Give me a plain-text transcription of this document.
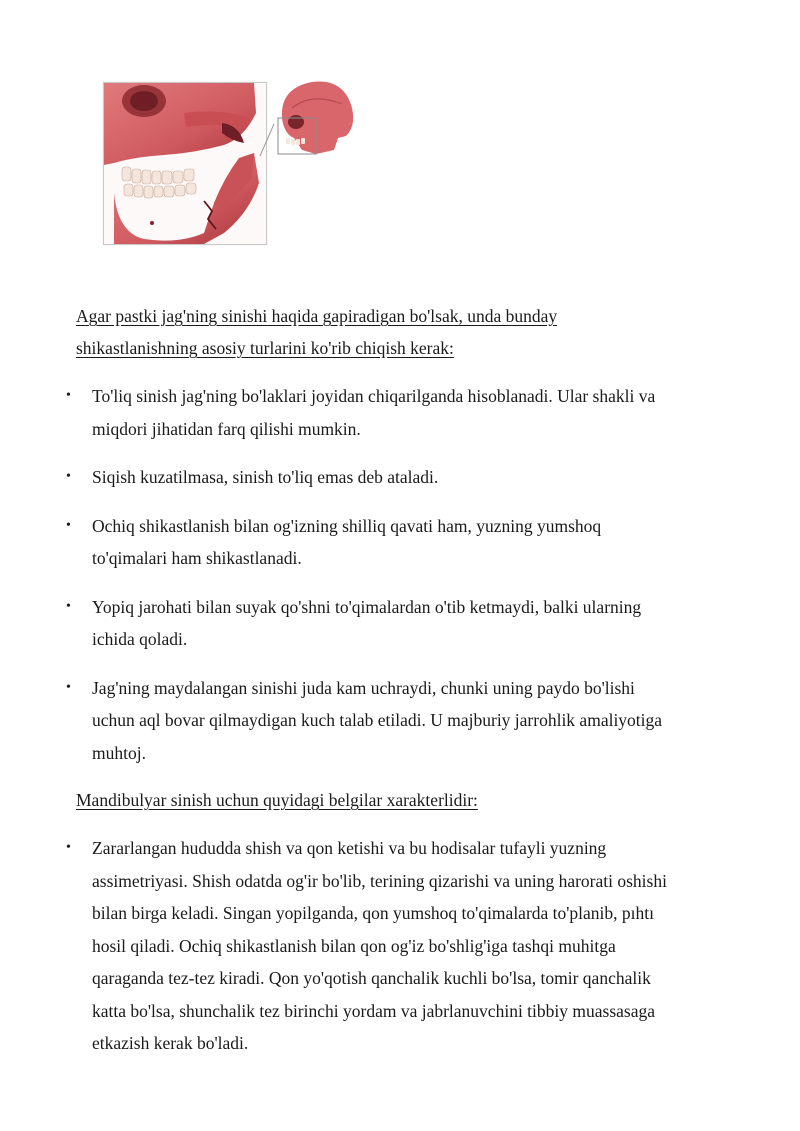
Agar pastki jag'ning sinishi haqida gapiradigan bo'lsak, unda bunday
shikastlanishning asosiy turlarini ko'rib chiqish kerak:

• To'liq sinish jag'ning bo'laklari joyidan chiqarilganda hisoblanadi. Ular shakli va
miqdori jihatidan farq qilishi mumkin.
• Siqish kuzatilmasa, sinish to'liq emas deb ataladi.
• Ochiq shikastlanish bilan og'izning shilliq qavati ham, yuzning yumshoq
to'qimalari ham shikastlanadi.
• Yopiq jarohati bilan suyak qo'shni to'qimalardan o'tib ketmaydi, balki ularning
ichida qoladi.
• Jag'ning maydalangan sinishi juda kam uchraydi, chunki uning paydo bo'lishi
uchun aql bovar qilmaydigan kuch talab etiladi. U majburiy jarrohlik amaliyotiga
muhtoj.

Mandibulyar sinish uchun quyidagi belgilar xarakterlidir:

• Zararlangan hududda shish va qon ketishi va bu hodisalar tufayli yuzning
assimetriyasi. Shish odatda og'ir bo'lib, terining qizarishi va uning harorati oshishi
bilan birga keladi. Singan yopilganda, qon yumshoq to'qimalarda to'planib, pıhtı
hosil qiladi. Ochiq shikastlanish bilan qon og'iz bo'shlig'iga tashqi muhitga
qaraganda tez-tez kiradi. Qon yo'qotish qanchalik kuchli bo'lsa, tomir qanchalik
katta bo'lsa, shunchalik tez birinchi yordam va jabrlanuvchini tibbiy muassasaga
etkazish kerak bo'ladi.
